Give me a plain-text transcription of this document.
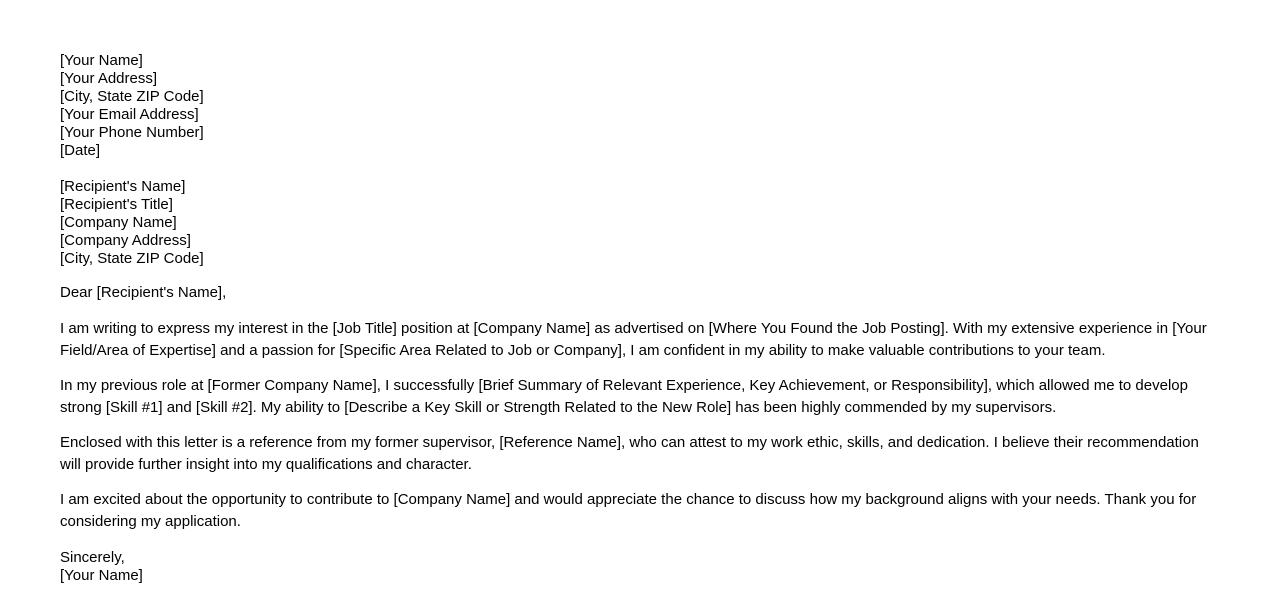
[Your Name]
[Your Address]
[City, State ZIP Code]
[Your Email Address]
[Your Phone Number]
[Date]
[Recipient's Name]
[Recipient's Title]
[Company Name]
[Company Address]
[City, State ZIP Code]

Dear [Recipient's Name],

I am writing to express my interest in the [Job Title] position at [Company Name] as advertised on [Where You Found the Job Posting]. With my extensive experience in [Your Field/Area of Expertise] and a passion for [Specific Area Related to Job or Company], I am confident in my ability to make valuable contributions to your team.

In my previous role at [Former Company Name], I successfully [Brief Summary of Relevant Experience, Key Achievement, or Responsibility], which allowed me to develop strong [Skill #1] and [Skill #2]. My ability to [Describe a Key Skill or Strength Related to the New Role] has been highly commended by my supervisors.

Enclosed with this letter is a reference from my former supervisor, [Reference Name], who can attest to my work ethic, skills, and dedication. I believe their recommendation will provide further insight into my qualifications and character.

I am excited about the opportunity to contribute to [Company Name] and would appreciate the chance to discuss how my background aligns with your needs. Thank you for considering my application.

Sincerely,

[Your Name]
